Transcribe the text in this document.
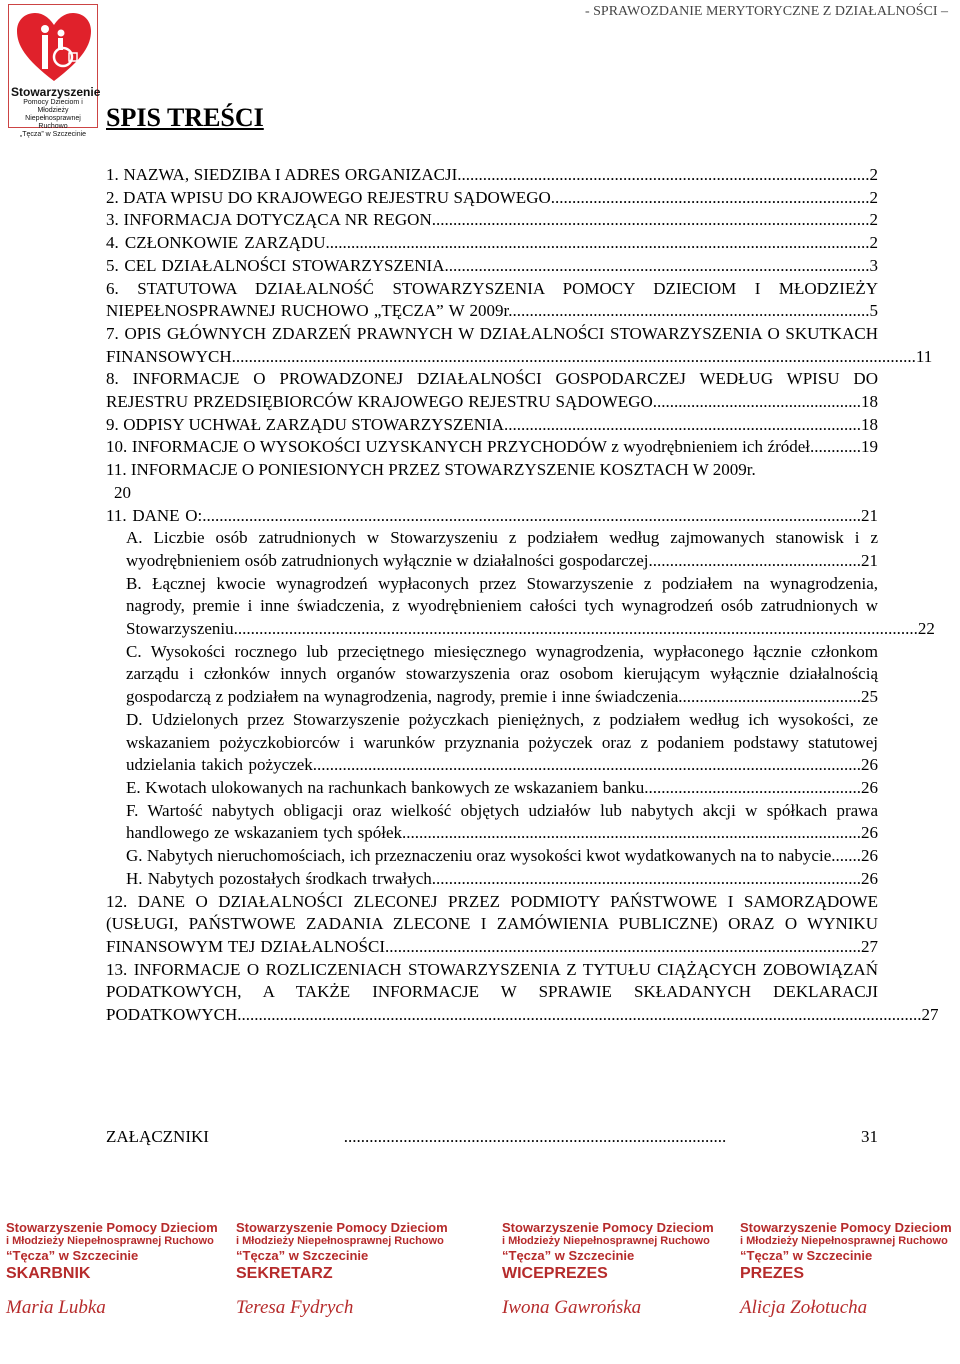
- SPRAWOZDANIE MERYTORYCZNE Z DZIAŁALNOŚCI –
Stowarzyszenie
Pomocy Dzieciom i Młodzieży
Niepełnosprawnej Ruchowo
„Tęcza” w Szczecinie
SPIS TREŚCI
1. NAZWA, SIEDZIBA I ADRES ORGANIZACJI.................................................................................................2
2. DATA WPISU DO KRAJOWEGO REJESTRU SĄDOWEGO...........................................................................2
3. INFORMACJA DOTYCZĄCA NR REGON.......................................................................................................2
4. CZŁONKOWIE ZARZĄDU................................................................................................................................2
5. CEL DZIAŁALNOŚCI STOWARZYSZENIA....................................................................................................3
6. STATUTOWA DZIAŁALNOŚĆ STOWARZYSZENIA POMOCY DZIECIOM I MŁODZIEŻY NIEPEŁNOSPRAWNEJ RUCHOWO „TĘCZA” W 2009r.....................................................................................5
7. OPIS GŁÓWNYCH ZDARZEŃ PRAWNYCH W DZIAŁALNOŚCI STOWARZYSZENIA O SKUTKACH FINANSOWYCH.................................................................................................................................................................11
8. INFORMACJE O PROWADZONEJ DZIAŁALNOŚCI GOSPODARCZEJ WEDŁUG WPISU DO REJESTRU PRZEDSIĘBIORCÓW KRAJOWEGO REJESTRU SĄDOWEGO.................................................18
9. ODPISY UCHWAŁ ZARZĄDU STOWARZYSZENIA....................................................................................18
10. INFORMACJE O WYSOKOŚCI UZYSKANYCH PRZYCHODÓW z wyodrębnieniem ich źródeł............19
11. INFORMACJE O PONIESIONYCH PRZEZ STOWARZYSZENIE KOSZTACH W 2009r.
20
11. DANE O:...........................................................................................................................................................21
A. Liczbie osób zatrudnionych w Stowarzyszeniu z podziałem według zajmowanych stanowisk i z wyodrębnieniem osób zatrudnionych wyłącznie w działalności gospodarczej..................................................21
B. Łącznej kwocie wynagrodzeń wypłaconych przez Stowarzyszenie z podziałem na wynagrodzenia, nagrody, premie i inne świadczenia, z wyodrębnieniem całości tych wynagrodzeń osób zatrudnionych w Stowarzyszeniu.................................................................................................................................................................22
C. Wysokości rocznego lub przeciętnego miesięcznego wynagrodzenia, wypłaconego łącznie członkom zarządu i członków innych organów stowarzyszenia oraz osobom kierującym wyłącznie działalnością gospodarczą z podziałem na wynagrodzenia, nagrody, premie i inne świadczenia...........................................25
D. Udzielonych przez Stowarzyszenie pożyczkach pieniężnych, z podziałem według ich wysokości, ze wskazaniem pożyczkobiorców i warunków przyznania pożyczek oraz z podaniem podstawy statutowej udzielania takich pożyczek.................................................................................................................................26
E. Kwotach ulokowanych na rachunkach bankowych ze wskazaniem banku...................................................26
F. Wartość nabytych obligacji oraz wielkość objętych udziałów lub nabytych akcji w spółkach prawa handlowego ze wskazaniem tych spółek............................................................................................................26
G. Nabytych nieruchomościach, ich przeznaczeniu oraz wysokości kwot wydatkowanych na to nabycie.......26
H. Nabytych pozostałych środkach trwałych.....................................................................................................26
12. DANE O DZIAŁALNOŚCI ZLECONEJ PRZEZ PODMIOTY PAŃSTWOWE I SAMORZĄDOWE (USŁUGI, PAŃSTWOWE ZADANIA ZLECONE I ZAMÓWIENIA PUBLICZNE) ORAZ O WYNIKU FINANSOWYM TEJ DZIAŁALNOŚCI................................................................................................................27
13. INFORMACJE O ROZLICZENIACH STOWARZYSZENIA Z TYTUŁU CIĄŻĄCYCH ZOBOWIĄZAŃ PODATKOWYCH, A TAKŻE INFORMACJE W SPRAWIE SKŁADANYCH DEKLARACJI PODATKOWYCH.................................................................................................................................................................27
ZAŁĄCZNIKI	..........................................................................................	31
Stowarzyszenie Pomocy Dzieciom
i Młodzieży Niepełnosprawnej Ruchowo
“Tęcza” w Szczecinie
SKARBNIK
Maria Lubka
Stowarzyszenie Pomocy Dzieciom
i Młodzieży Niepełnosprawnej Ruchowo
“Tęcza” w Szczecinie
SEKRETARZ
Teresa Fydrych
Stowarzyszenie Pomocy Dzieciom
i Młodzieży Niepełnosprawnej Ruchowo
“Tęcza” w Szczecinie
WICEPREZES
Iwona Gawrońska
Stowarzyszenie Pomocy Dzieciom
i Młodzieży Niepełnosprawnej Ruchowo
“Tęcza” w Szczecinie
PREZES
Alicja Zołotucha
